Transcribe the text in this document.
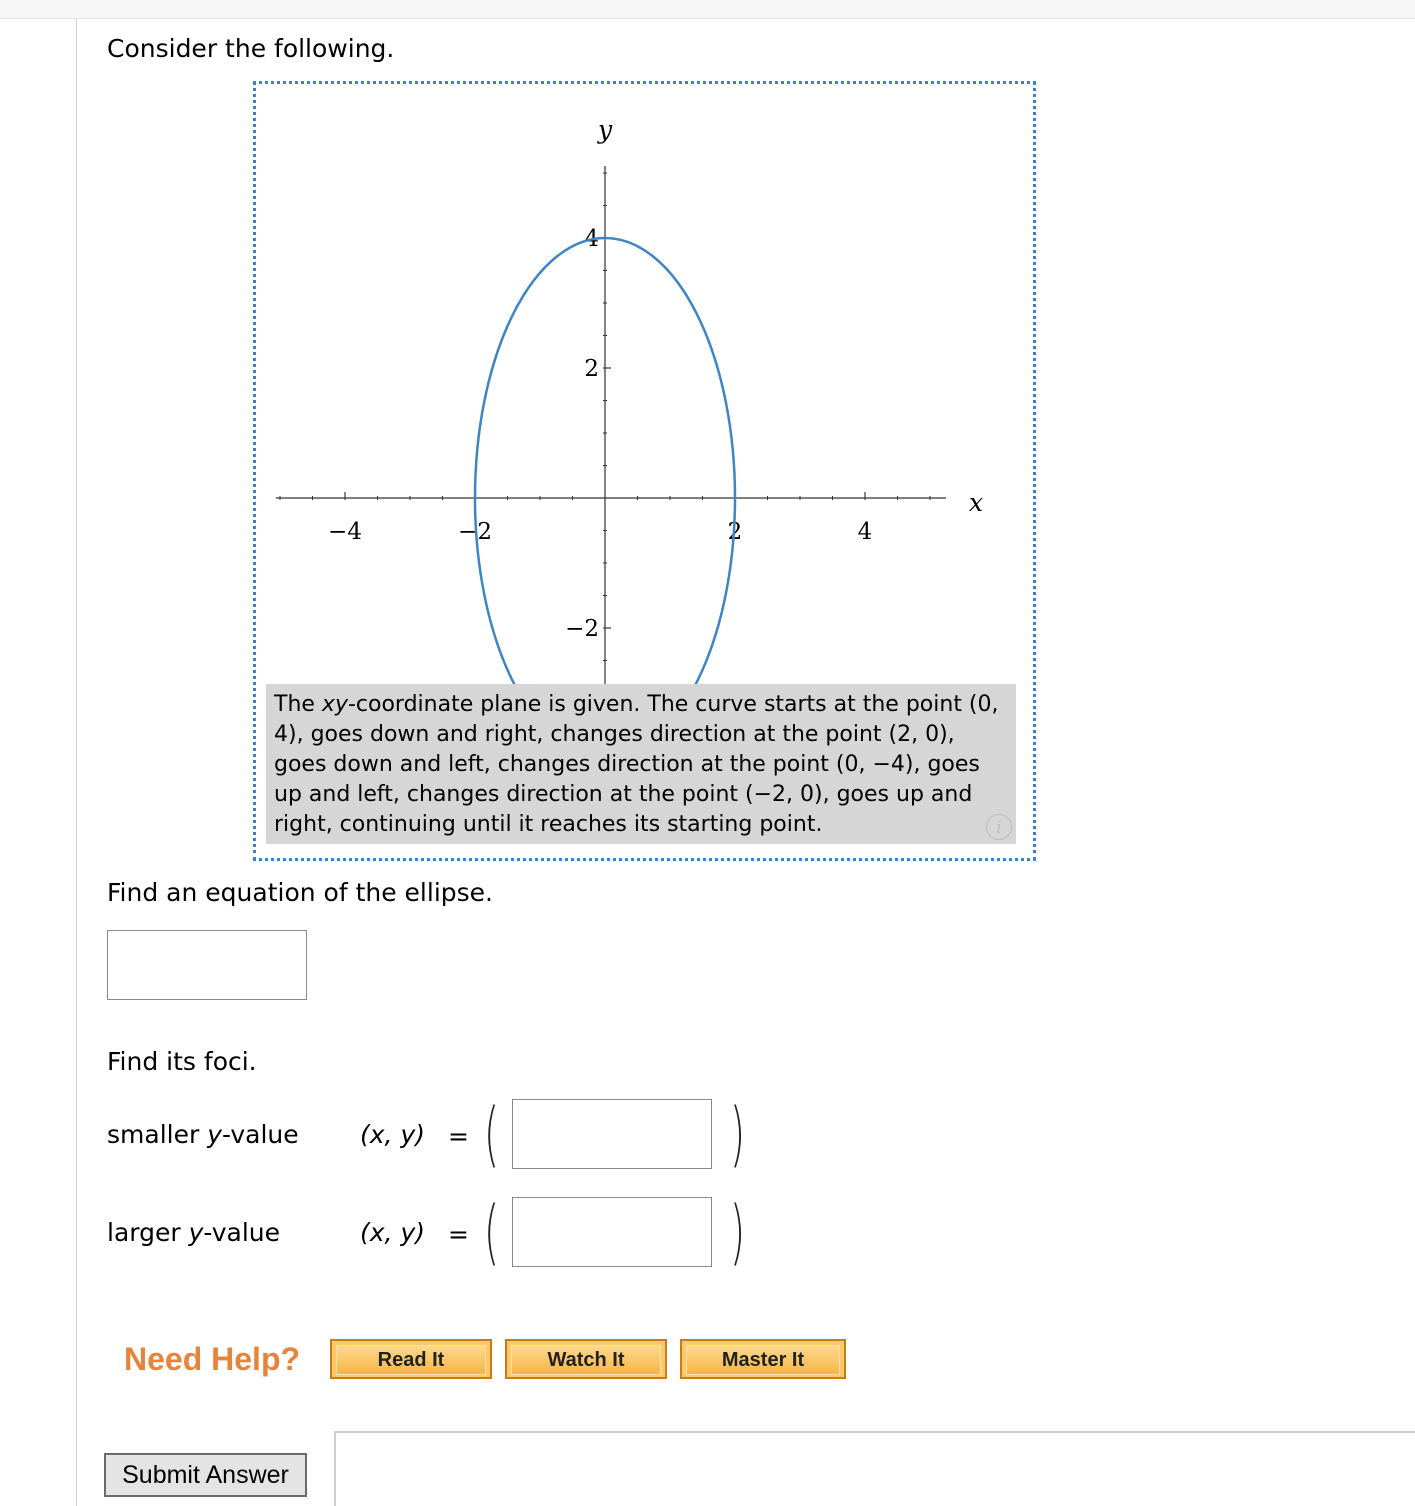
Consider the following.
x
y
−4	−2	2	4
4
2
−2

The xy-coordinate plane is given. The curve starts at the point (0, 4), goes down and right, changes direction at the point (2, 0), goes down and left, changes direction at the point (0, −4), goes up and left, changes direction at the point (−2, 0), goes up and right, continuing until it reaches its starting point.	i
Find an equation of the ellipse.
Find its foci.
smaller y-value (x, y) = (	)
larger y-value	(x, y) = (	)
Need Help?	Read It	Watch It	Master It
Submit Answer
